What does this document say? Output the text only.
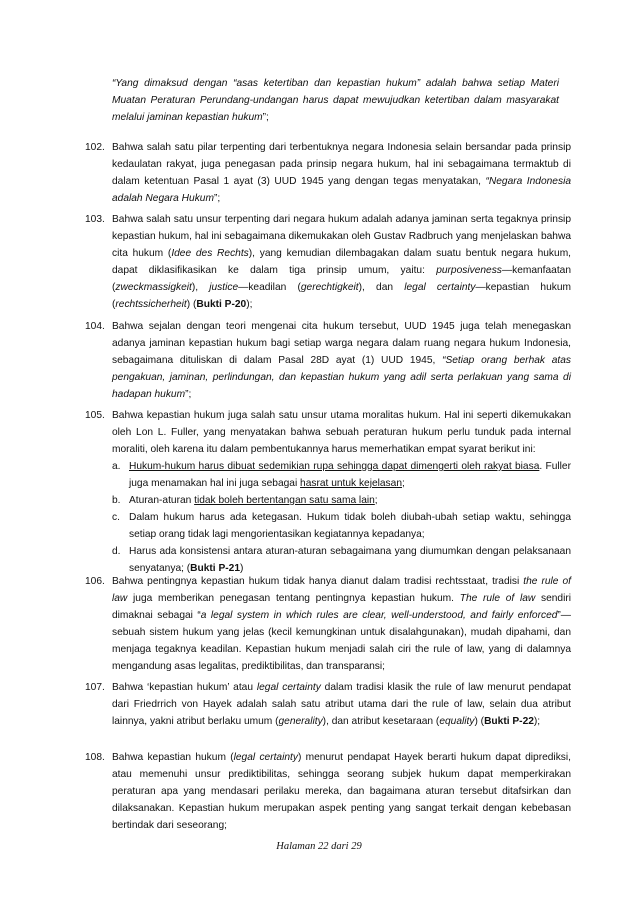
“Yang dimaksud dengan “asas ketertiban dan kepastian hukum” adalah bahwa setiap Materi Muatan Peraturan Perundang-undangan harus dapat mewujudkan ketertiban dalam masyarakat melalui jaminan kepastian hukum”;

102. Bahwa salah satu pilar terpenting dari terbentuknya negara Indonesia selain bersandar pada prinsip kedaulatan rakyat, juga penegasan pada prinsip negara hukum, hal ini sebagaimana termaktub di dalam ketentuan Pasal 1 ayat (3) UUD 1945 yang dengan tegas menyatakan, “Negara Indonesia adalah Negara Hukum”;

103. Bahwa salah satu unsur terpenting dari negara hukum adalah adanya jaminan serta tegaknya prinsip kepastian hukum, hal ini sebagaimana dikemukakan oleh Gustav Radbruch yang menjelaskan bahwa cita hukum (Idee des Rechts), yang kemudian dilembagakan dalam suatu bentuk negara hukum, dapat diklasifikasikan ke dalam tiga prinsip umum, yaitu: purposiveness—kemanfaatan (zweckmassigkeit), justice—keadilan (gerechtigkeit), dan legal certainty—kepastian hukum (rechtssicherheit) (Bukti P-20);

104. Bahwa sejalan dengan teori mengenai cita hukum tersebut, UUD 1945 juga telah menegaskan adanya jaminan kepastian hukum bagi setiap warga negara dalam ruang negara hukum Indonesia, sebagaimana dituliskan di dalam Pasal 28D ayat (1) UUD 1945, “Setiap orang berhak atas pengakuan, jaminan, perlindungan, dan kepastian hukum yang adil serta perlakuan yang sama di hadapan hukum”;

105. Bahwa kepastian hukum juga salah satu unsur utama moralitas hukum. Hal ini seperti dikemukakan oleh Lon L. Fuller, yang menyatakan bahwa sebuah peraturan hukum perlu tunduk pada internal moraliti, oleh karena itu dalam pembentukannya harus memerhatikan empat syarat berikut ini:

a. Hukum-hukum harus dibuat sedemikian rupa sehingga dapat dimengerti oleh rakyat biasa. Fuller juga menamakan hal ini juga sebagai hasrat untuk kejelasan;
b. Aturan-aturan tidak boleh bertentangan satu sama lain;
c. Dalam hukum harus ada ketegasan. Hukum tidak boleh diubah-ubah setiap waktu, sehingga setiap orang tidak lagi mengorientasikan kegiatannya kepadanya;
d. Harus ada konsistensi antara aturan-aturan sebagaimana yang diumumkan dengan pelaksanaan senyatanya; (Bukti P-21)
106. Bahwa pentingnya kepastian hukum tidak hanya dianut dalam tradisi rechtsstaat, tradisi the rule of law juga memberikan penegasan tentang pentingnya kepastian hukum. The rule of law sendiri dimaknai sebagai “a legal system in which rules are clear, well-understood, and fairly enforced”—sebuah sistem hukum yang jelas (kecil kemungkinan untuk disalahgunakan), mudah dipahami, dan menjaga tegaknya keadilan. Kepastian hukum menjadi salah ciri the rule of law, yang di dalamnya mengandung asas legalitas, prediktibilitas, dan transparansi;

107. Bahwa ‘kepastian hukum’ atau legal certainty dalam tradisi klasik the rule of law menurut pendapat dari Friedrrich von Hayek adalah salah satu atribut utama dari the rule of law, selain dua atribut lainnya, yakni atribut berlaku umum (generality), dan atribut kesetaraan (equality) (Bukti P-22);

108. Bahwa kepastian hukum (legal certainty) menurut pendapat Hayek berarti hukum dapat diprediksi, atau memenuhi unsur prediktibilitas, sehingga seorang subjek hukum dapat memperkirakan peraturan apa yang mendasari perilaku mereka, dan bagaimana aturan tersebut ditafsirkan dan dilaksanakan. Kepastian hukum merupakan aspek penting yang sangat terkait dengan kebebasan bertindak dari seseorang;

Halaman 22 dari 29
